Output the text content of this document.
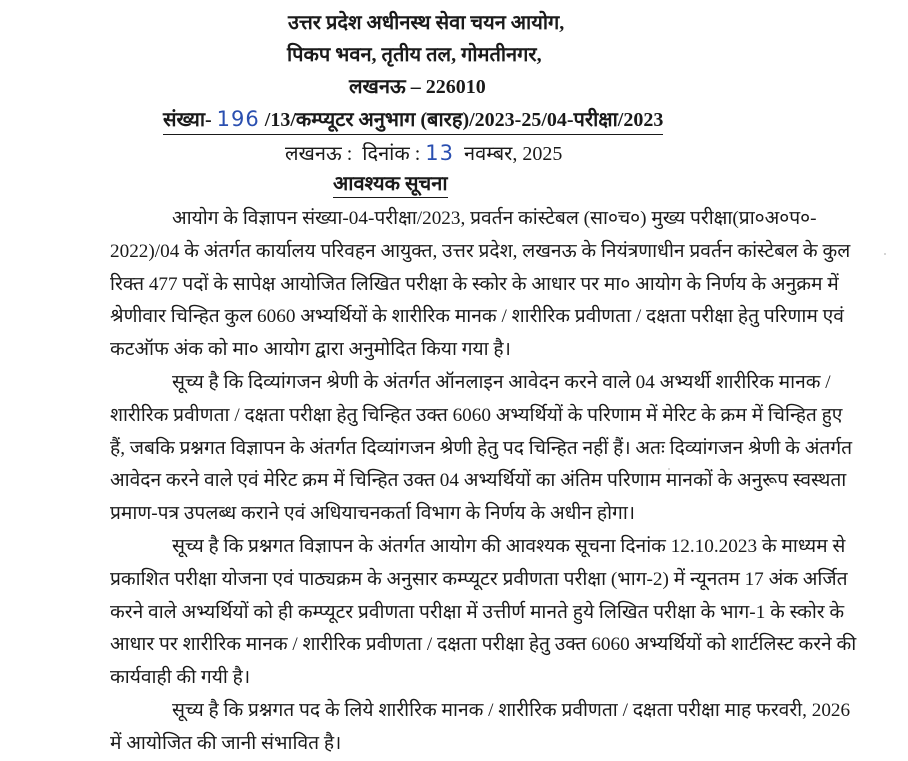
उत्तर प्रदेश अधीनस्थ सेवा चयन आयोग,
पिकप भवन, तृतीय तल, गोमतीनगर,
लखनऊ – 226010
संख्या- 196 /13/कम्प्यूटर अनुभाग (बारह)/2023-25/04-परीक्षा/2023
लखनऊ :  दिनांक : 13  नवम्बर, 2025
आवश्यक सूचना
आयोग के विज्ञापन संख्या-04-परीक्षा/2023, प्रवर्तन कांस्टेबल (सा०च०) मुख्य परीक्षा(प्रा०अ०प०-
2022)/04 के अंतर्गत कार्यालय परिवहन आयुक्त, उत्तर प्रदेश, लखनऊ के नियंत्रणाधीन प्रवर्तन कांस्टेबल के कुल
रिक्त 477 पदों के सापेक्ष आयोजित लिखित परीक्षा के स्कोर के आधार पर मा० आयोग के निर्णय के अनुक्रम में
श्रेणीवार चिन्हित कुल 6060 अभ्यर्थियों के शारीरिक मानक / शारीरिक प्रवीणता / दक्षता परीक्षा हेतु परिणाम एवं
कटऑफ अंक को मा० आयोग द्वारा अनुमोदित किया गया है।
सूच्य है कि दिव्यांगजन श्रेणी के अंतर्गत ऑनलाइन आवेदन करने वाले 04 अभ्यर्थी शारीरिक मानक /
शारीरिक प्रवीणता / दक्षता परीक्षा हेतु चिन्हित उक्त 6060 अभ्यर्थियों के परिणाम में मेरिट के क्रम में चिन्हित हुए
हैं, जबकि प्रश्नगत विज्ञापन के अंतर्गत दिव्यांगजन श्रेणी हेतु पद चिन्हित नहीं हैं। अतः दिव्यांगजन श्रेणी के अंतर्गत
आवेदन करने वाले एवं मेरिट क्रम में चिन्हित उक्त 04 अभ्यर्थियों का अंतिम परिणाम मानकों के अनुरूप स्वस्थता
प्रमाण-पत्र उपलब्ध कराने एवं अधियाचनकर्ता विभाग के निर्णय के अधीन होगा।
सूच्य है कि प्रश्नगत विज्ञापन के अंतर्गत आयोग की आवश्यक सूचना दिनांक 12.10.2023 के माध्यम से
प्रकाशित परीक्षा योजना एवं पाठ्यक्रम के अनुसार कम्प्यूटर प्रवीणता परीक्षा (भाग-2) में न्यूनतम 17 अंक अर्जित
करने वाले अभ्यर्थियों को ही कम्प्यूटर प्रवीणता परीक्षा में उत्तीर्ण मानते हुये लिखित परीक्षा के भाग-1 के स्कोर के
आधार पर शारीरिक मानक / शारीरिक प्रवीणता / दक्षता परीक्षा हेतु उक्त 6060 अभ्यर्थियों को शार्टलिस्ट करने की
कार्यवाही की गयी है।
सूच्य है कि प्रश्नगत पद के लिये शारीरिक मानक / शारीरिक प्रवीणता / दक्षता परीक्षा माह फरवरी, 2026
में आयोजित की जानी संभावित है।
